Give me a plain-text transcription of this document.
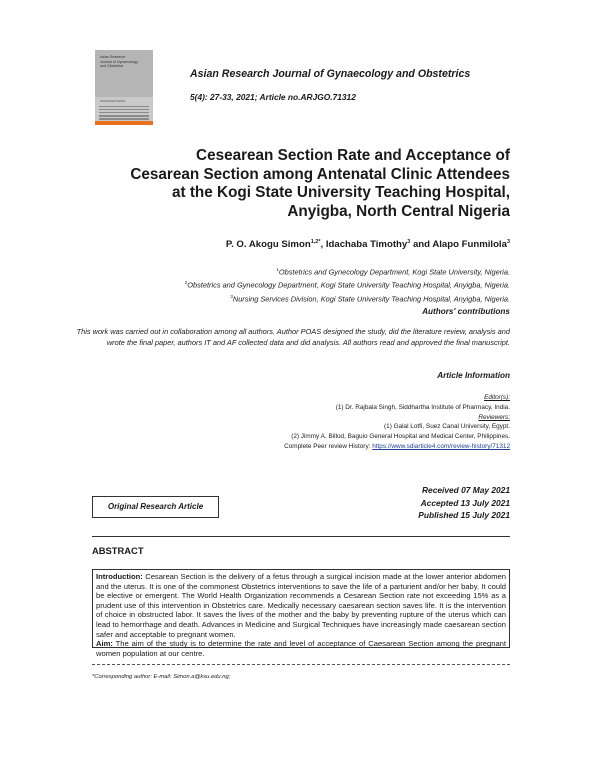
Asian Research
Journal of Gynaecology
and Obstetrics
SCIENCEDOMAIN
Asian Research Journal of Gynaecology and Obstetrics
5(4): 27-33, 2021; Article no.ARJGO.71312
Cesearean Section Rate and Acceptance of
Cesarean Section among Antenatal Clinic Attendees
at the Kogi State University Teaching Hospital,
Anyigba, North Central Nigeria
P. O. Akogu Simon$^{1,2*}$, Idachaba Timothy$^3$ and Alapo Funmilola$^3$
$^1$Obstetrics and Gynecology Department, Kogi State University, Nigeria.
$^2$Obstetrics and Gynecology Department, Kogi State University Teaching Hospital, Anyigba, Nigeria.
$^3$Nursing Services Division, Kogi State University Teaching Hospital, Anyigba, Nigeria.
Authors' contributions
This work was carried out in collaboration among all authors. Author POAS designed the study, did the literature review, analysis and wrote the final paper, authors IT and AF collected data and did analysis. All authors read and approved the final manuscript.
Article Information
Editor(s):
(1) Dr. Rajbala Singh, Siddhartha Institute of Pharmacy, India.
Reviewers:
(1) Galal Lotfi, Suez Canal University, Egypt.
(2) Jimmy A. Billod, Baguio General Hospital and Medical Center, Philippines.
Complete Peer review History: https://www.sdiarticle4.com/review-history/71312
Original Research Article
Received 07 May 2021
Accepted 13 July 2021
Published 15 July 2021
ABSTRACT
Introduction: Cesarean Section is the delivery of a fetus through a surgical incision made at the lower anterior abdomen and the uterus. It is one of the commonest Obstetrics interventions to save the life of a parturient and/or her baby. It could be elective or emergent. The World Health Organization recommends a Cesarean Section rate not exceeding 15% as a prudent use of this intervention in Obstetrics care. Medically necessary caesarean section saves life. It is the intervention of choice in obstructed labor. It saves the lives of the mother and the baby by preventing rupture of the uterus which can lead to hemorrhage and death. Advances in Medicine and Surgical Techniques have increasingly made caesarean section safer and acceptable to pregnant women.
Aim: The aim of the study is to determine the rate and level of acceptance of Caesarean Section among the pregnant women population at our centre.
*Corresponding author: E-mail: Simon.a@ksu.edu.ng;
